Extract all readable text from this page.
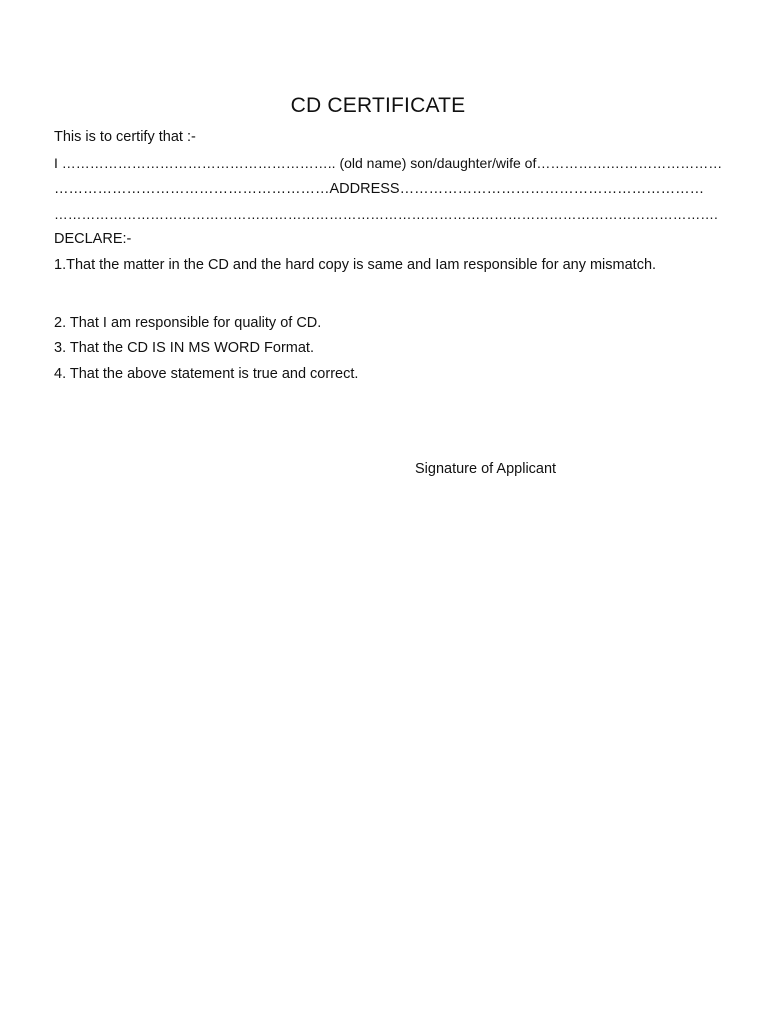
CD CERTIFICATE
This is to certify that :-
I ………………………………………………….. (old name) son/daughter/wife of…………….……………………
…………………………………………………ADDRESS………………………………………………………
……………………………………………………………………………………………………………………………….
DECLARE:-
1.That the matter in the CD and the hard copy is same and Iam responsible for any mismatch.
2. That I am responsible for quality of CD.
3. That the CD IS IN MS WORD Format.
4. That the above statement is true and correct.
Signature of Applicant
